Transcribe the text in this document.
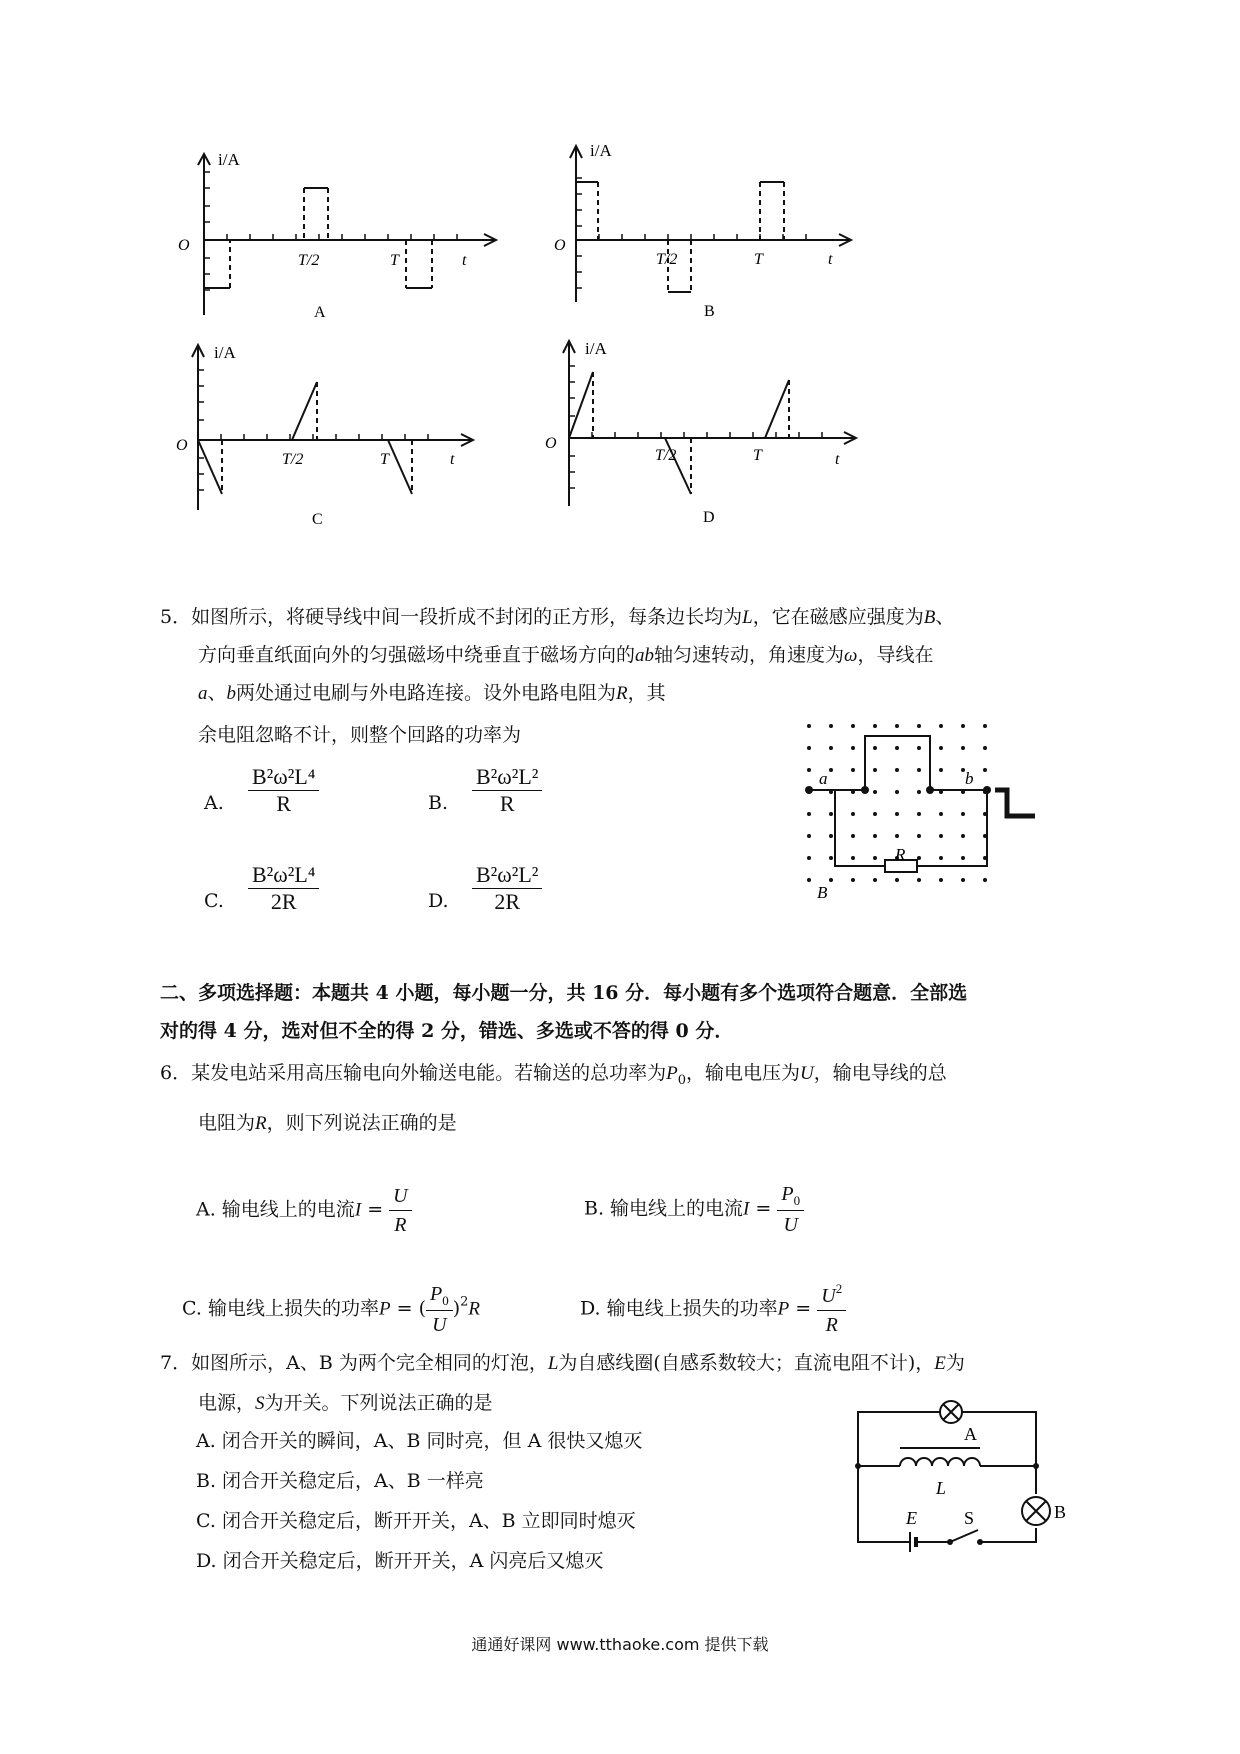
i/A
O
T/2	T	t
A
i/A
O
T/2	T	t
B
i/A
O
T/2	T	t
C
i/A
O
T/2	T	t
D
5．如图所示，将硬导线中间一段折成不封闭的正方形，每条边长均为L，它在磁感应强度为B、
方向垂直纸面向外的匀强磁场中绕垂直于磁场方向的ab轴匀速转动，角速度为ω，导线在
a、b两处通过电刷与外电路连接。设外电路电阻为R，其
余电阻忽略不计，则整个回路的功率为
A. $\frac{\text{B²ω²L⁴}}{R}$	B. $\frac{\text{B²ω²L²}}{R}$
C. $\frac{\text{B²ω²L⁴}}{2R}$	D. $\frac{\text{B²ω²L²}}{2R}$
a	b
R
B
二、多项选择题：本题共 4 小题，每小题一分，共 16 分．每小题有多个选项符合题意．全部选
对的得 4 分，选对但不全的得 2 分，错选、多选或不答的得 0 分．
6．某发电站采用高压输电向外输送电能。若输送的总功率为$P_0$，输电电压为U，输电导线的总
电阻为R，则下列说法正确的是
A. 输电线上的电流$I = \frac{U}{R}$	B. 输电线上的电流$I = \frac{P_0}{U}$
C. 输电线上损失的功率P = ( $\frac{P_0}{U} )^2R$	D. 输电线上损失的功率$P = \frac{U^2}{R}$
7．如图所示，A、B 为两个完全相同的灯泡，L为自感线圈(自感系数较大；直流电阻不计)，E为
电源，S为开关。下列说法正确的是
A. 闭合开关的瞬间，A、B 同时亮，但 A 很快又熄灭
B. 闭合开关稳定后，A、B 一样亮
C. 闭合开关稳定后，断开开关，A、B 立即同时熄灭
D. 闭合开关稳定后，断开开关，A 闪亮后又熄灭
A
L
B
E	S
通通好课网 www.tthaoke.com 提供下载
